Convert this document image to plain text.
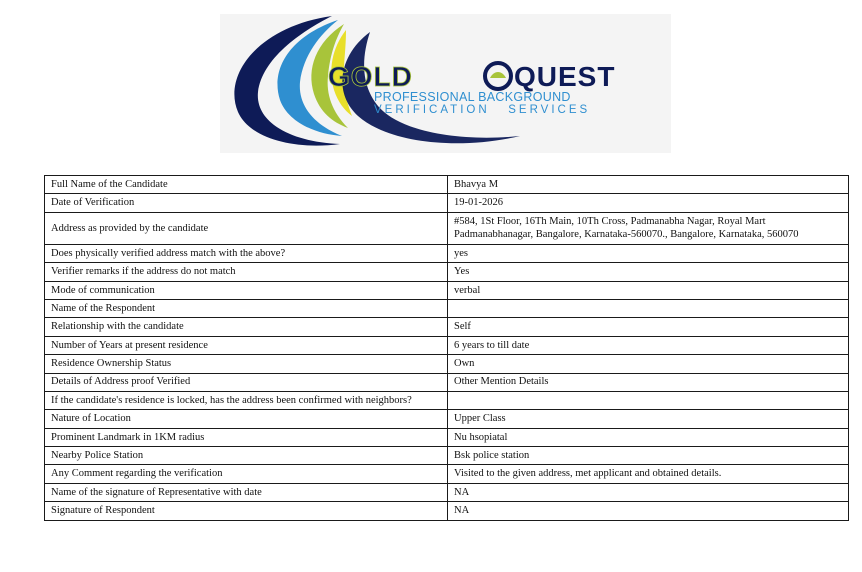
GOLD	QUEST
PROFESSIONAL BACKGROUND
VERIFICATION   SERVICES
Full Name of the Candidate	Bhavya M
Date of Verification	19-01-2026
Address as provided by the candidate	#584, 1St Floor, 16Th Main, 10Th Cross, Padmanabha Nagar, Royal Mart Padmanabhanagar, Bangalore, Karnataka-560070., Bangalore, Karnataka, 560070
Does physically verified address match with the above?	yes
Verifier remarks if the address do not match	Yes
Mode of communication	verbal
Name of the Respondent	
Relationship with the candidate	Self
Number of Years at present residence	6 years to till date
Residence Ownership Status	Own
Details of Address proof Verified	Other Mention Details
If the candidate's residence is locked, has the address been confirmed with neighbors?	
Nature of Location	Upper Class
Prominent Landmark in 1KM radius	Nu hsopiatal
Nearby Police Station	Bsk police station
Any Comment regarding the verification	Visited to the given address, met applicant and obtained details.
Name of the signature of Representative with date	NA
Signature of Respondent	NA
